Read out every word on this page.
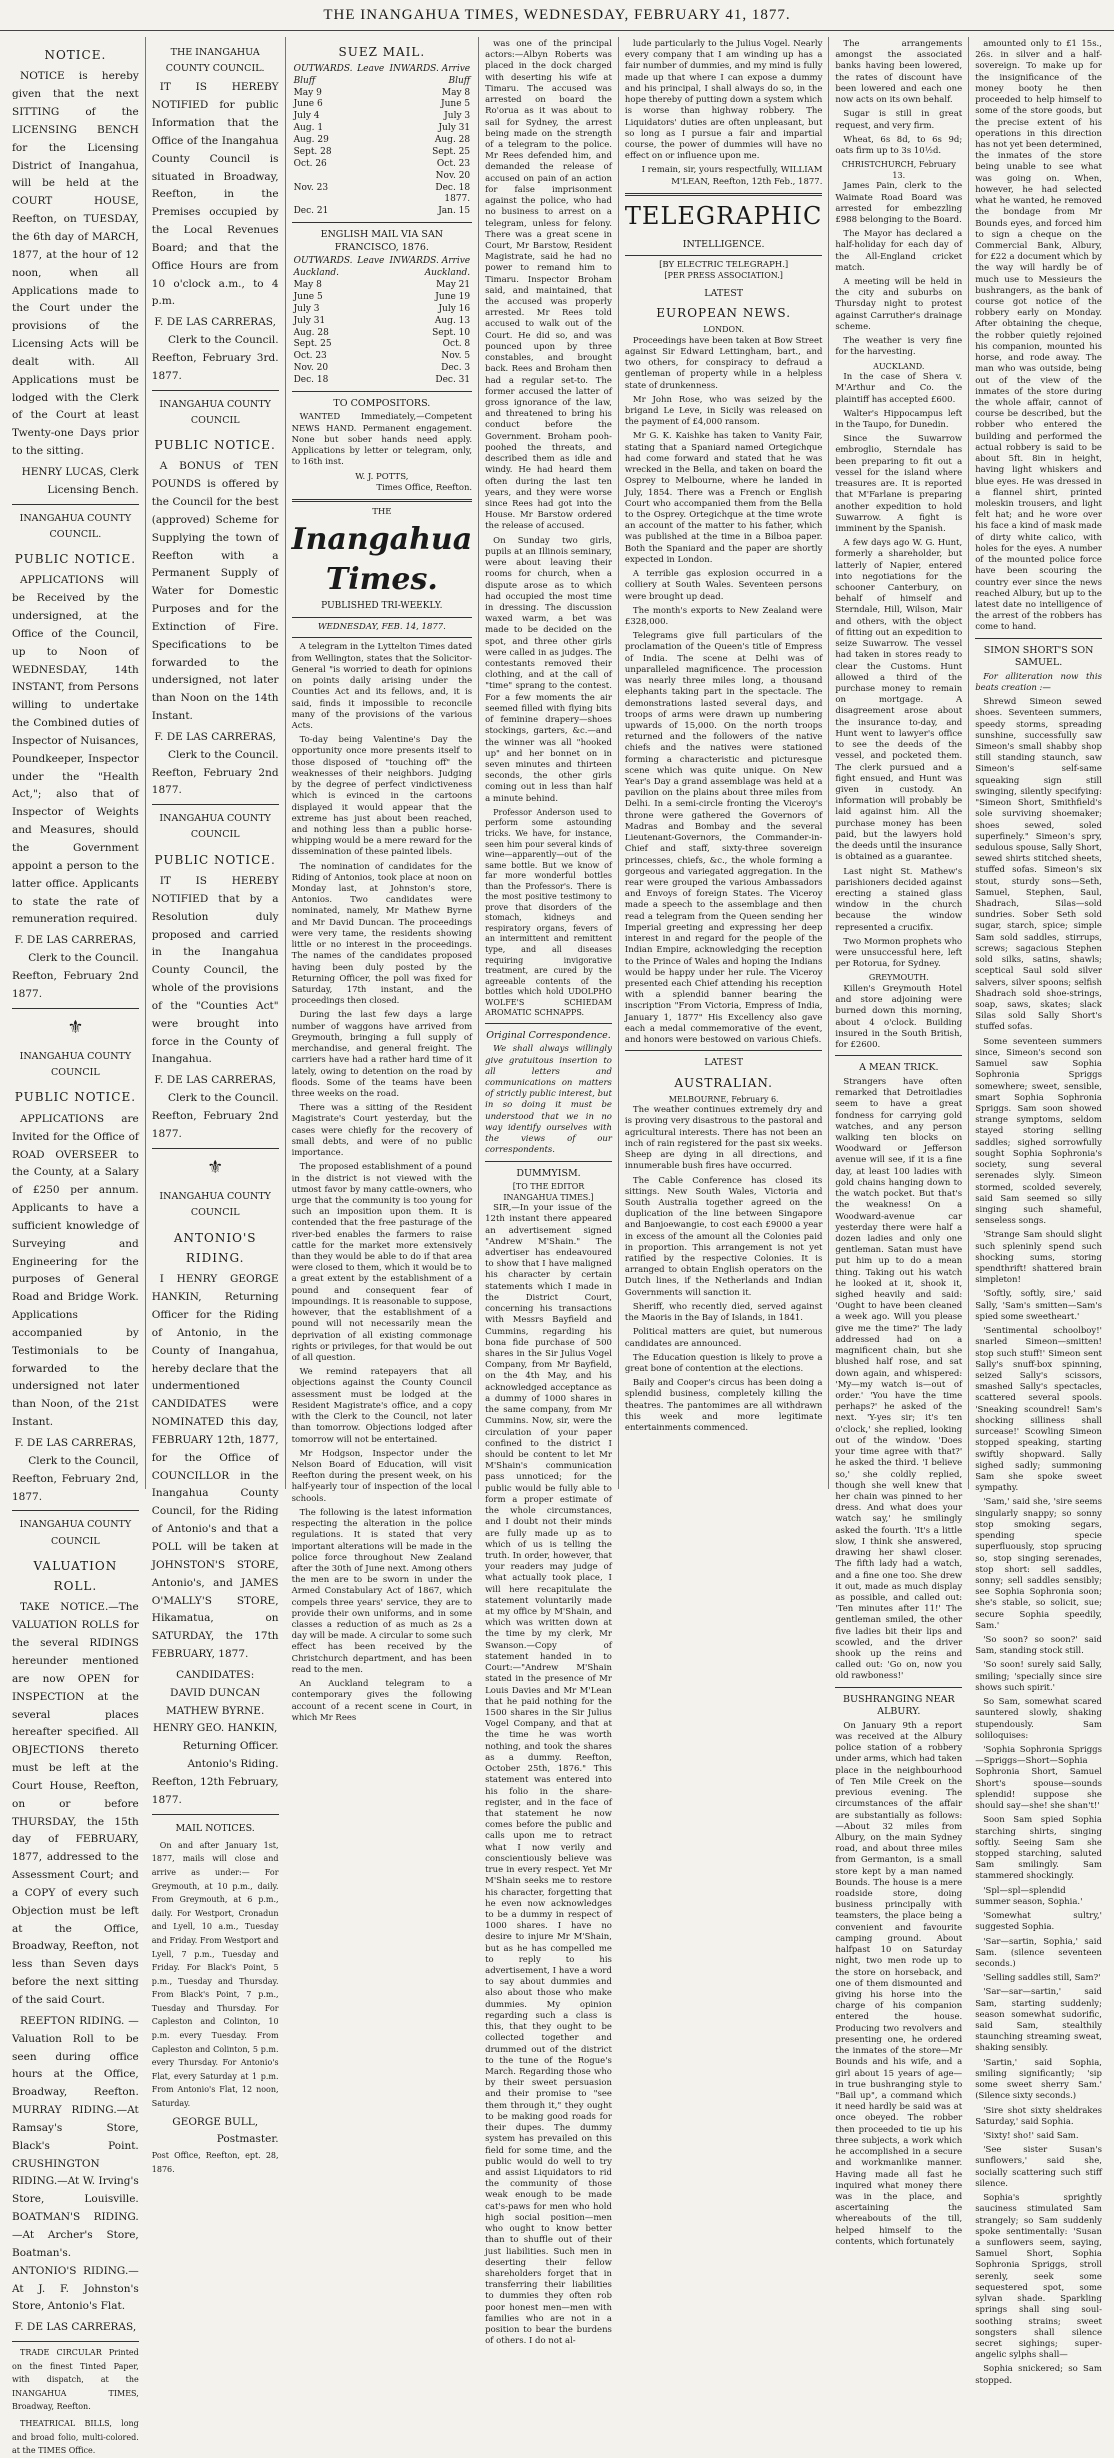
THE INANGAHUA TIMES, WEDNESDAY, FEBRUARY 41, 1877.
NOTICE.

NOTICE is hereby given that the next SITTING of the LICENSING BENCH for the Licensing District of Inangahua, will be held at the COURT HOUSE, Reefton, on TUESDAY, the 6th day of MARCH, 1877, at the hour of 12 noon, when all Applications made to the Court under the provisions of the Licensing Acts will be dealt with. All Applications must be lodged with the Clerk of the Court at least Twenty-one Days prior to the sitting.

HENRY LUCAS, Clerk Licensing Bench.
INANGAHUA COUNTY COUNCIL.
PUBLIC NOTICE.

APPLICATIONS will be Received by the undersigned, at the Office of the Council, up to Noon of WEDNESDAY, 14th INSTANT, from Persons willing to undertake the Combined duties of Inspector of Nuisances, Poundkeeper, Inspector under the "Health Act,"; also that of Inspector of Weights and Measures, should the Government appoint a person to the latter office. Applicants to state the rate of remuneration required.

F. DE LAS CARRERAS,
Clerk to the Council.
Reefton, February 2nd 1877.
⚜
INANGAHUA COUNTY COUNCIL
PUBLIC NOTICE.

APPLICATIONS are Invited for the Office of ROAD OVERSEER to the County, at a Salary of £250 per annum. Applicants to have a sufficient knowledge of Surveying and Engineering for the purposes of General Road and Bridge Work. Applications accompanied by Testimonials to be forwarded to the undersigned not later than Noon, of the 21st Instant.

F. DE LAS CARRERAS,
Clerk to the Council,
Reefton, February 2nd, 1877.
INANGAHUA COUNTY COUNCIL
VALUATION ROLL.

TAKE NOTICE.—The VALUATION ROLLS for the several RIDINGS hereunder mentioned are now OPEN for INSPECTION at the several places hereafter specified. All OBJECTIONS thereto must be left at the Court House, Reefton, on or before THURSDAY, the 15th day of FEBRUARY, 1877, addressed to the Assessment Court; and a COPY of every such Objection must be left at the Office, Broadway, Reefton, not less than Seven days before the next sitting of the said Court.

REEFTON RIDING. — Valuation Roll to be seen during office hours at the Office, Broadway, Reefton. MURRAY RIDING.—At Ramsay's Store, Black's Point. CRUSHINGTON RIDING.—At W. Irving's Store, Louisville. BOATMAN'S RIDING.—At Archer's Store, Boatman's. ANTONIO'S RIDING.—At J. F. Johnston's Store, Antonio's Flat.

F. DE LAS CARRERAS,

TRADE CIRCULAR Printed on the finest Tinted Paper, with dispatch, at the INANGAHUA TIMES, Broadway, Reefton.

THEATRICAL BILLS, long and broad folio, multi-colored. at the TIMES Office.

THE INANGAHUA COUNTY COUNCIL.

IT IS HEREBY NOTIFIED for public Information that the Office of the Inangahua County Council is situated in Broadway, Reefton, in the Premises occupied by the Local Revenues Board; and that the Office Hours are from 10 o'clock a.m., to 4 p.m.

F. DE LAS CARRERAS,
Clerk to the Council.
Reefton, February 3rd. 1877.
INANGAHUA COUNTY COUNCIL
PUBLIC NOTICE.

A BONUS of TEN POUNDS is offered by the Council for the best (approved) Scheme for Supplying the town of Reefton with a Permanent Supply of Water for Domestic Purposes and for the Extinction of Fire. Specifications to be forwarded to the undersigned, not later than Noon on the 14th Instant.

F. DE LAS CARRERAS,
Clerk to the Council.
Reefton, February 2nd 1877.
INANGAHUA COUNTY COUNCIL
PUBLIC NOTICE.

IT IS HEREBY NOTIFIED that by a Resolution duly proposed and carried in the Inangahua County Council, the whole of the provisions of the "Counties Act" were brought into force in the County of Inangahua.

F. DE LAS CARRERAS,
Clerk to the Council.
Reefton, February 2nd 1877.
⚜
INANGAHUA COUNTY COUNCIL
ANTONIO'S RIDING.

I HENRY GEORGE HANKIN, Returning Officer for the Riding of Antonio, in the County of Inangahua, hereby declare that the undermentioned CANDIDATES were NOMINATED this day, FEBRUARY 12th, 1877, for the Office of COUNCILLOR in the Inangahua County Council, for the Riding of Antonio's and that a POLL will be taken at JOHNSTON'S STORE, Antonio's, and JAMES O'MALLY'S STORE, Hikamatua, on SATURDAY, the 17th FEBRUARY, 1877.

CANDIDATES:
DAVID DUNCAN
MATHEW BYRNE.
HENRY GEO. HANKIN,
Returning Officer.
Antonio's Riding.
Reefton, 12th February, 1877.
MAIL NOTICES.

On and after January 1st, 1877, mails will close and arrive as under:— For Greymouth, at 10 p.m., daily. From Greymouth, at 6 p.m., daily. For Westport, Cronadun and Lyell, 10 a.m., Tuesday and Friday. From Westport and Lyell, 7 p.m., Tuesday and Friday. For Black's Point, 5 p.m., Tuesday and Thursday. From Black's Point, 7 p.m., Tuesday and Thursday. For Capleston and Colinton, 10 p.m. every Tuesday. From Capleston and Colinton, 5 p.m. every Thursday. For Antonio's Flat, every Saturday at 1 p.m. From Antonio's Flat, 12 noon, Saturday.

GEORGE BULL,
Postmaster.
Post Office, Reefton, ept. 28, 1876.
SUEZ MAIL.
OUTWARDS. Leave Bluff	INWARDS. Arrive Bluff
May 9	May 8
June 6	June 5
July 4	July 3
Aug. 1	July 31
Aug. 29	Aug. 28
Sept. 28	Sept. 25
Oct. 26	Oct. 23
	Nov. 20
Nov. 23	Dec. 18
	1877.
Dec. 21	Jan. 15
ENGLISH MAIL VIA SAN FRANCISCO, 1876.
OUTWARDS. Leave Auckland.	INWARDS. Arrive Auckland.
May 8	May 21
June 5	June 19
July 3	July 16
July 31	Aug. 13
Aug. 28	Sept. 10
Sept. 25	Oct. 8
Oct. 23	Nov. 5
Nov. 20	Dec. 3
Dec. 18	Dec. 31
TO COMPOSITORS.

WANTED Immediately,—Competent NEWS HAND. Permanent engagement. None but sober hands need apply. Applications by letter or telegram, only, to 16th inst.

W. J. POTTS,
Times Office, Reefton.
THE
Inangahua Times.
PUBLISHED TRI-WEEKLY.
WEDNESDAY, FEB. 14, 1877.

A telegram in the Lyttelton Times dated from Wellington, states that the Solicitor-General "is worried to death for opinions on points daily arising under the Counties Act and its fellows, and, it is said, finds it impossible to reconcile many of the provisions of the various Acts.

To-day being Valentine's Day the opportunity once more presents itself to those disposed of "touching off" the weaknesses of their neighbors. Judging by the degree of perfect vindictiveness which is evinced in the cartoons displayed it would appear that the extreme has just about been reached, and nothing less than a public horse-whipping would be a mere reward for the dissemination of these painted libels.

The nomination of candidates for the Riding of Antonios, took place at noon on Monday last, at Johnston's store, Antonios. Two candidates were nominated, namely, Mr Mathew Byrne and Mr David Duncan. The proceedings were very tame, the residents showing little or no interest in the proceedings. The names of the candidates proposed having been duly posted by the Returning Officer, the poll was fixed for Saturday, 17th instant, and the proceedings then closed.

During the last few days a large number of waggons have arrived from Greymouth, bringing a full supply of merchandise, and general freight. The carriers have had a rather hard time of it lately, owing to detention on the road by floods. Some of the teams have been three weeks on the road.

There was a sitting of the Resident Magistrate's Court yesterday, but the cases were chiefly for the recovery of small debts, and were of no public importance.

The proposed establishment of a pound in the district is not viewed with the utmost favor by many cattle-owners, who urge that the community is too young for such an imposition upon them. It is contended that the free pasturage of the river-bed enables the farmers to raise cattle for the market more extensively than they would be able to do if that area were closed to them, which it would be to a great extent by the establishment of a pound and consequent fear of impoundings. It is reasonable to suppose, however, that the establishment of a pound will not necessarily mean the deprivation of all existing commonage rights or privileges, for that would be out of all question.

We remind ratepayers that all objections against the County Council assessment must be lodged at the Resident Magistrate's office, and a copy with the Clerk to the Council, not later than tomorrow. Objections lodged after tomorrow will not be entertained.

Mr Hodgson, Inspector under the Nelson Board of Education, will visit Reefton during the present week, on his half-yearly tour of inspection of the local schools.

The following is the latest information respecting the alteration in the police regulations. It is stated that very important alterations will be made in the police force throughout New Zealand after the 30th of June next. Among others the men are to be sworn in under the Armed Constabulary Act of 1867, which compels three years' service, they are to provide their own uniforms, and in some classes a reduction of as much as 2s a day will be made. A circular to some such effect has been received by the Christchurch department, and has been read to the men.

An Auckland telegram to a contemporary gives the following account of a recent scene in Court, in which Mr Rees

was one of the principal actors:—Albyn Roberts was placed in the dock charged with deserting his wife at Timaru. The accused was arrested on board the Ro'orua as it was about to sail for Sydney, the arrest being made on the strength of a telegram to the police. Mr Rees defended him, and demanded the release of accused on pain of an action for false imprisonment against the police, who had no business to arrest on a telegram, unless for felony. There was a great scene in Court, Mr Barstow, Resident Magistrate, said he had no power to remand him to Timaru. Inspector Broham said, and maintained, that the accused was properly arrested. Mr Rees told accused to walk out of the Court. He did so, and was pounced upon by three constables, and brought back. Rees and Broham then had a regular set-to. The former accused the latter of gross ignorance of the law, and threatened to bring his conduct before the Government. Broham pooh-poohed the threats, and described them as idle and windy. He had heard them often during the last ten years, and they were worse since Rees had got into the House. Mr Barstow ordered the release of accused.

On Sunday two girls, pupils at an Illinois seminary, were about leaving their rooms for church, when a dispute arose as to which had occupied the most time in dressing. The discussion waxed warm, a bet was made to be decided on the spot, and three other girls were called in as judges. The contestants removed their clothing, and at the call of "time" sprang to the contest. For a few moments the air seemed filled with flying bits of feminine drapery—shoes stockings, garters, &c.—and the winner was all "hooked up" and her bonnet on in seven minutes and thirteen seconds, the other girls coming out in less than half a minute behind.

Professor Anderson used to perform some astounding tricks. We have, for instance, seen him pour several kinds of wine—apparently—out of the same bottle. But we know of far more wonderful bottles than the Professor's. There is the most positive testimony to prove that disorders of the stomach, kidneys and respiratory organs, fevers of an intermittent and remittent type, and all diseases requiring invigorative treatment, are cured by the agreeable contents of the bottles which hold UDOLPHO WOLFE'S SCHIEDAM AROMATIC SCHNAPPS.

Original Correspondence.

We shall always willingly give gratuitous insertion to all letters and communications on matters of strictly public interest, but in so doing it must be understood that we in no way identify ourselves with the views of our correspondents.

DUMMYISM.
[TO THE EDITOR INANGAHUA TIMES.]

SIR,—In your issue of the 12th instant there appeared an advertisement signed "Andrew M'Shain." The advertiser has endeavoured to show that I have maligned his character by certain statements which I made in the District Court, concerning his transactions with Messrs Bayfield and Cummins, regarding his bona fide purchase of 500 shares in the Sir Julius Vogel Company, from Mr Bayfield, on the 4th May, and his acknowledged acceptance as a dummy of 1000 shares in the same company, from Mr Cummins. Now, sir, were the circulation of your paper confined to the district I should be content to let Mr M'Shain's communication pass unnoticed; for the public would be fully able to form a proper estimate of the whole circumstances, and I doubt not their minds are fully made up as to which of us is telling the truth. In order, however, that your readers may judge of what actually took place, I will here recapitulate the statement voluntarily made at my office by M'Shain, and which was written down at the time by my clerk, Mr Swanson.—Copy of statement handed in to Court:—"Andrew M'Shain stated in the presence of Mr Louis Davies and Mr M'Lean that he paid nothing for the 1500 shares in the Sir Julius Vogel Company, and that at the time he was worth nothing, and took the shares as a dummy. Reefton, October 25th, 1876." This statement was entered into his folio in the share-register, and in the face of that statement he now comes before the public and calls upon me to retract what I now verily and conscientiously believe was true in every respect. Yet Mr M'Shain seeks me to restore his character, forgetting that he even now acknowledges to be a dummy in respect of 1000 shares. I have no desire to injure Mr M'Shain, but as he has compelled me to reply to his advertisement, I have a word to say about dummies and also about those who make dummies. My opinion regarding such a class is this, that they ought to be collected together and drummed out of the district to the tune of the Rogue's March. Regarding those who by their sweet persuasion and their promise to "see them through it," they ought to be making good roads for their dupes. The dummy system has prevailed on this field for some time, and the public would do well to try and assist Liquidators to rid the community of those weak enough to be made cat's-paws for men who hold high social position—men who ought to know better than to shuffle out of their just liabilities. Such men in deserting their fellow shareholders forget that in transferring their liabilities to dummies they often rob poor honest men—men with families who are not in a position to bear the burdens of others. I do not al-

lude particularly to the Julius Vogel. Nearly every company that I am winding up has a fair number of dummies, and my mind is fully made up that where I can expose a dummy and his principal, I shall always do so, in the hope thereby of putting down a system which is worse than highway robbery. The Liquidators' duties are often unpleasant, but so long as I pursue a fair and impartial course, the power of dummies will have no effect on or influence upon me.

I remain, sir, yours respectfully, WILLIAM M'LEAN, Reefton, 12th Feb., 1877.
TELEGRAPHIC
INTELLIGENCE.
[BY ELECTRIC TELEGRAPH.]
[PER PRESS ASSOCIATION.]
LATEST
EUROPEAN NEWS.
LONDON.

Proceedings have been taken at Bow Street against Sir Edward Lettingham, bart., and two others, for conspiracy to defraud a gentleman of property while in a helpless state of drunkenness.

Mr John Rose, who was seized by the brigand Le Leve, in Sicily was released on the payment of £4,000 ransom.

Mr G. K. Kaishke has taken to Vanity Fair, stating that a Spaniard named Ortegichque had come forward and stated that he was wrecked in the Bella, and taken on board the Osprey to Melbourne, where he landed in July, 1854. There was a French or English Court who accompanied them from the Bella to the Osprey. Ortegichque at the time wrote an account of the matter to his father, which was published at the time in a Bilboa paper. Both the Spaniard and the paper are shortly expected in London.

A terrible gas explosion occurred in a colliery at South Wales. Seventeen persons were brought up dead.

The month's exports to New Zealand were £328,000.

Telegrams give full particulars of the proclamation of the Queen's title of Empress of India. The scene at Delhi was of unparalleled magnificence. The procession was nearly three miles long, a thousand elephants taking part in the spectacle. The demonstrations lasted several days, and troops of arms were drawn up numbering upwards of 15,000. On the north troops returned and the followers of the native chiefs and the natives were stationed forming a characteristic and picturesque scene which was quite unique. On New Year's Day a grand assemblage was held at a pavilion on the plains about three miles from Delhi. In a semi-circle fronting the Viceroy's throne were gathered the Governors of Madras and Bombay and the several Lieutenant-Governors, the Commander-in-Chief and staff, sixty-three sovereign princesses, chiefs, &c., the whole forming a gorgeous and variegated aggregation. In the rear were grouped the various Ambassadors and Envoys of foreign States. The Viceroy made a speech to the assemblage and then read a telegram from the Queen sending her Imperial greeting and expressing her deep interest in and regard for the people of the Indian Empire, acknowledging the reception to the Prince of Wales and hoping the Indians would be happy under her rule. The Viceroy presented each Chief attending his reception with a splendid banner bearing the inscription "From Victoria, Empress of India, January 1, 1877" His Excellency also gave each a medal commemorative of the event, and honors were bestowed on various Chiefs.

LATEST
AUSTRALIAN.
MELBOURNE, February 6.

The weather continues extremely dry and is proving very disastrous to the pastoral and agricultural interests. There has not been an inch of rain registered for the past six weeks. Sheep are dying in all directions, and innumerable bush fires have occurred.

The Cable Conference has closed its sittings. New South Wales, Victoria and South Australia together agreed on the duplication of the line between Singapore and Banjoewangie, to cost each £9000 a year in excess of the amount all the Colonies paid in proportion. This arrangement is not yet ratified by the respective Colonies. It is arranged to obtain English operators on the Dutch lines, if the Netherlands and Indian Governments will sanction it.

Sheriff, who recently died, served against the Maoris in the Bay of Islands, in 1841.

Political matters are quiet, but numerous candidates are announced.

The Education question is likely to prove a great bone of contention at the elections.

Baily and Cooper's circus has been doing a splendid business, completely killing the theatres. The pantomimes are all withdrawn this week and more legitimate entertainments commenced.

The arrangements amongst the associated banks having been lowered, the rates of discount have been lowered and each one now acts on its own behalf.

Sugar is still in great request, and very firm.

Wheat, 6s 8d, to 6s 9d; oats firm up to 3s 10½d.

CHRISTCHURCH, February 13.

James Pain, clerk to the Waimate Road Board was arrested for embezzling £988 belonging to the Board.

The Mayor has declared a half-holiday for each day of the All-England cricket match.

A meeting will be held in the city and suburbs on Thursday night to protest against Carruther's drainage scheme.

The weather is very fine for the harvesting.

AUCKLAND.

In the case of Shera v. M'Arthur and Co. the plaintiff has accepted £600.

Walter's Hippocampus left in the Taupo, for Dunedin.

Since the Suwarrow embroglio, Sterndale has been preparing to fit out a vessel for the island where treasures are. It is reported that M'Farlane is preparing another expedition to hold Suwarrow. A fight is imminent by the Spanish.

A few days ago W. G. Hunt, formerly a shareholder, but latterly of Napier, entered into negotiations for the schooner Canterbury, on behalf of himself and Sterndale, Hill, Wilson, Mair and others, with the object of fitting out an expedition to seize Suwarrow. The vessel had taken in stores ready to clear the Customs. Hunt allowed a third of the purchase money to remain on mortgage. A disagreement arose about the insurance to-day, and Hunt went to lawyer's office to see the deeds of the vessel, and pocketed them. The clerk pursued and a fight ensued, and Hunt was given in custody. An information will probably be laid against him. All the purchase money has been paid, but the lawyers hold the deeds until the insurance is obtained as a guarantee.

Last night St. Mathew's parishioners decided against erecting a stained glass window in the church because the window represented a crucifix.

Two Mormon prophets who were unsuccessful here, left per Rotorua, for Sydney.

GREYMOUTH.

Killen's Greymouth Hotel and store adjoining were burned down this morning, about 4 o'clock. Building insured in the South British, for £2600.

A MEAN TRICK.

Strangers have often remarked that Detroitladies seem to have a great fondness for carrying gold watches, and any person walking ten blocks on Woodward or Jefferson avenue will see, if it is a fine day, at least 100 ladies with gold chains hanging down to the watch pocket. But that's the weakness! On a Woodward-avenue car yesterday there were half a dozen ladies and only one gentleman. Satan must have put him up to do a mean thing. Taking out his watch he looked at it, shook it, sighed heavily and said: 'Ought to have been cleaned a week ago. Will you please give me the time?' The lady addressed had on a magnificent chain, but she blushed half rose, and sat down again, and whispered: 'My—my watch is—out of order.' 'You have the time perhaps?' he asked of the next. 'Y-yes sir; it's ten o'clock,' she replied, looking out of the window. 'Does your time agree with that?' he asked the third. 'I believe so,' she coldly replied, though she well knew that her chain was pinned to her dress. And what does your watch say,' he smilingly asked the fourth. 'It's a little slow, I think she answered, drawing her shawl closer. The fifth lady had a watch, and a fine one too. She drew it out, made as much display as possible, and called out: 'Ten minutes after 11!' The gentleman smiled, the other five ladies bit their lips and scowled, and the driver shook up the reins and called out: 'Go on, now you old rawboness!'

BUSHRANGING NEAR ALBURY.

On January 9th a report was received at the Albury police station of a robbery under arms, which had taken place in the neighbourhood of Ten Mile Creek on the previous evening. The circumstances of the affair are substantially as follows:—About 32 miles from Albury, on the main Sydney road, and about three miles from Germanton, is a small store kept by a man named Bounds. The house is a mere roadside store, doing business principally with teamsters, the place being a convenient and favourite camping ground. About halfpast 10 on Saturday night, two men rode up to the store on horseback, and one of them dismounted and giving his horse into the charge of his companion entered the house. Producing two revolvers and presenting one, he ordered the inmates of the store—Mr Bounds and his wife, and a girl about 15 years of age—in true bushranging style to "Bail up", a command which it need hardly be said was at once obeyed. The robber then proceeded to tie up his three subjects, a work which he accomplished in a secure and workmanlike manner. Having made all fast he inquired what money there was in the place, and ascertaining the whereabouts of the till, helped himself to the contents, which fortunately

amounted only to £1 15s., 26s. in silver and a half-sovereign. To make up for the insignificance of the money booty he then proceeded to help himself to some of the store goods, but the precise extent of his operations in this direction has not yet been determined, the inmates of the store being unable to see what was going on. When, however, he had selected what he wanted, he removed the bondage from Mr Bounds eyes, and forced him to sign a cheque on the Commercial Bank, Albury, for £22 a document which by the way will hardly be of much use to Messieurs the bushrangers, as the bank of course got notice of the robbery early on Monday. After obtaining the cheque, the robber quietly rejoined his companion, mounted his horse, and rode away. The man who was outside, being out of the view of the inmates of the store during the whole affair, cannot of course be described, but the robber who entered the building and performed the actual robbery is said to be about 5ft. 8in in height, having light whiskers and blue eyes. He was dressed in a flannel shirt, printed moleskin trousers, and light felt hat; and he wore over his face a kind of mask made of dirty white calico, with holes for the eyes. A number of the mounted police force have been scouring the country ever since the news reached Albury, but up to the latest date no intelligence of the arrest of the robbers has come to hand.

SIMON SHORT'S SON SAMUEL.

For alliteration now this beats creation :—

Shrewd Simeon sewed shoes. Seventeen summers, speedy storms, spreading sunshine, successfully saw Simeon's small shabby shop still standing staunch, saw Simeon's self-same squeaking sign still swinging, silently specifying: "Simeon Short, Smithfield's sole surviving shoemaker; shoes sewed, soled superfinely." Simeon's spry, sedulous spouse, Sally Short, sewed shirts stitched sheets, stuffed sofas. Simeon's six stout, sturdy sons—Seth, Samuel, Stephen, Saul, Shadrach, Silas—sold sundries. Sober Seth sold sugar, starch, spice; simple Sam sold saddles, stirrups, screws; sagacious Stephen sold silks, satins, shawls; sceptical Saul sold silver salvers, silver spoons; selfish Shadrach sold shoe-strings, soap, saws, skates; slack Silas sold Sally Short's stuffed sofas.

Some seventeen summers since, Simeon's second son Samuel saw Sophia Sophronia Spriggs somewhere; sweet, sensible, smart Sophia Sophronia Spriggs. Sam soon showed strange symptoms, seldom stayed storing selling saddles; sighed sorrowfully sought Sophia Sophronia's society, sung several serenades slyly. Simeon stormed, scolded severely, said Sam seemed so silly singing such shameful, senseless songs.

'Strange Sam should slight such spleninly spend such shocking sums, storing spendthrift! shattered brain simpleton!

'Softly, softly, sire,' said Sally, 'Sam's smitten—Sam's spied some sweetheart.'

'Sentimental schoolboy!' snarled Simeon—smitten! stop such stuff!' Simeon sent Sally's snuff-box spinning, seized Sally's scissors, smashed Sally's spectacles, scattered several spools. 'Sneaking scoundrel! Sam's shocking silliness shall surcease!' Scowling Simeon stopped speaking, starting swiftly shopward. Sally sighed sadly; summoning Sam she spoke sweet sympathy.

'Sam,' said she, 'sire seems singularly snappy; so sonny stop smoking segars, spending specie superfluously, stop sprucing so, stop singing serenades, stop short: sell saddles, sonny; sell saddles sensibly; see Sophia Sophronia soon; she's stable, so solicit, sue; secure Sophia speedily, Sam.'

'So soon? so soon?' said Sam, standing stock still.

'So soon! surely said Sally, smiling; 'specially since sire shows such spirit.'

So Sam, somewhat scared sauntered slowly, shaking stupendously. Sam soliloquises:

'Sophia Sophronia Spriggs—Spriggs—Short—Sophia Sophronia Short, Samuel Short's spouse—sounds splendid! suppose she should say—she! she shan't!'

Soon Sam spied Sophia starching shirts, singing softly. Seeing Sam she stopped starching, saluted Sam smilingly. Sam stammered shockingly.

'Spl—spl—splendid summer season, Sophia.'

'Somewhat sultry,' suggested Sophia.

'Sar—sartin, Sophia,' said Sam. (silence seventeen seconds.)

'Selling saddles still, Sam?'

'Sar—sar—sartin,' said Sam, starting suddenly; season somewhat sudorific, said Sam, stealthily staunching streaming sweat, shaking sensibly.

'Sartin,' said Sophia, smiling significantly; 'sip some sweet sherry Sam.' (Silence sixty seconds.)

'Sire shot sixty sheldrakes Saturday,' said Sophia.

'Sixty! sho!' said Sam.

'See sister Susan's sunflowers,' said she, socially scattering such stiff silence.

Sophia's sprightly sauciness stimulated Sam strangely; so Sam suddenly spoke sentimentally: 'Susan a sunflowers seem, saying, Samuel Short, Sophia Sophronia Spriggs, stroll serenly, seek some sequestered spot, some sylvan shade. Sparkling springs shall sing soul-soothing strains; sweet songsters shall silence secret sighings; super-angelic sylphs shall—

Sophia snickered; so Sam stopped.
